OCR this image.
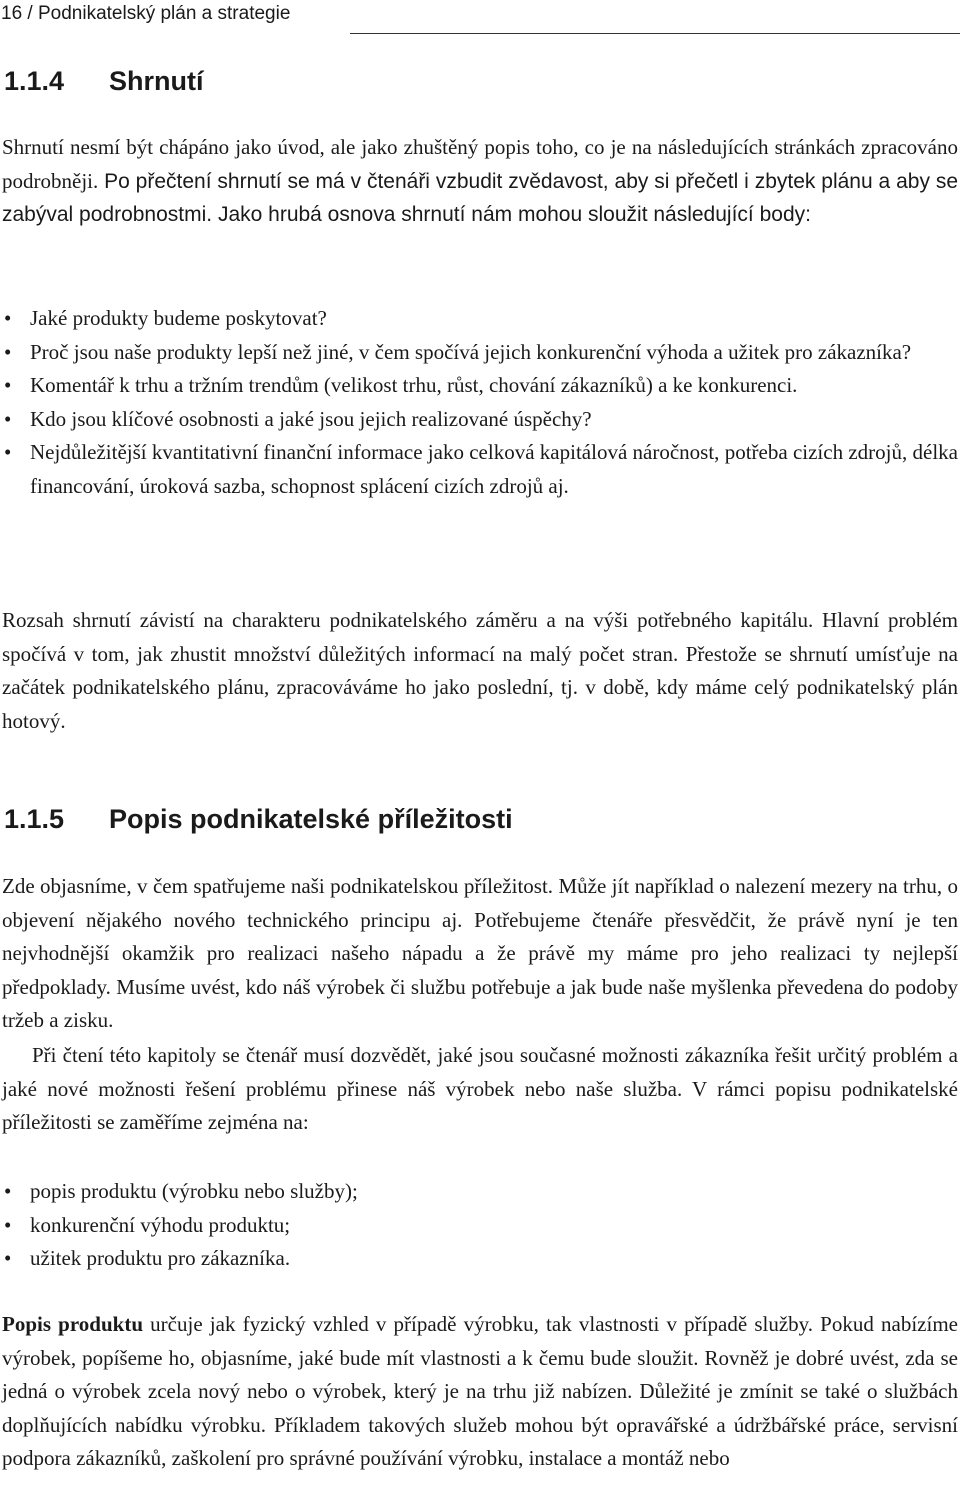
16 / Podnikatelský plán a strategie
1.1.4 Shrnutí

Shrnutí nesmí být chápáno jako úvod, ale jako zhuštěný popis toho, co je na následujících stránkách zpracováno podrobněji. Po přečtení shrnutí se má v čtenáři vzbudit zvědavost, aby si přečetl i zbytek plánu a aby se zabýval podrobnostmi. Jako hrubá osnova shrnutí nám mohou sloužit následující body:

• Jaké produkty budeme poskytovat?
• Proč jsou naše produkty lepší než jiné, v čem spočívá jejich konkurenční výhoda a užitek pro zákazníka?
• Komentář k trhu a tržním trendům (velikost trhu, růst, chování zákazníků) a ke konkurenci.
• Kdo jsou klíčové osobnosti a jaké jsou jejich realizované úspěchy?
• Nejdůležitější kvantitativní finanční informace jako celková kapitálová náročnost, potřeba cizích zdrojů, délka financování, úroková sazba, schopnost splácení cizích zdrojů aj.

Rozsah shrnutí závistí na charakteru podnikatelského záměru a na výši potřebného kapitálu. Hlavní problém spočívá v tom, jak zhustit množství důležitých informací na malý počet stran. Přestože se shrnutí umísťuje na začátek podnikatelského plánu, zpracováváme ho jako poslední, tj. v době, kdy máme celý podnikatelský plán hotový.

1.1.5 Popis podnikatelské příležitosti

Zde objasníme, v čem spatřujeme naši podnikatelskou příležitost. Může jít například o nalezení mezery na trhu, o objevení nějakého nového technického principu aj. Potřebujeme čtenáře přesvědčit, že právě nyní je ten nejvhodnější okamžik pro realizaci našeho nápadu a že právě my máme pro jeho realizaci ty nejlepší předpoklady. Musíme uvést, kdo náš výrobek či službu potřebuje a jak bude naše myšlenka převedena do podoby tržeb a zisku.

Při čtení této kapitoly se čtenář musí dozvědět, jaké jsou současné možnosti zákazníka řešit určitý problém a jaké nové možnosti řešení problému přinese náš výrobek nebo naše služba. V rámci popisu podnikatelské příležitosti se zaměříme zejména na:

• popis produktu (výrobku nebo služby);
• konkurenční výhodu produktu;
• užitek produktu pro zákazníka.

Popis produktu určuje jak fyzický vzhled v případě výrobku, tak vlastnosti v případě služby. Pokud nabízíme výrobek, popíšeme ho, objasníme, jaké bude mít vlastnosti a k čemu bude sloužit. Rovněž je dobré uvést, zda se jedná o výrobek zcela nový nebo o výrobek, který je na trhu již nabízen. Důležité je zmínit se také o službách doplňujících nabídku výrobku. Příkladem takových služeb mohou být opravářské a údržbářské práce, servisní podpora zákazníků, zaškolení pro správné používání výrobku, instalace a montáž nebo
